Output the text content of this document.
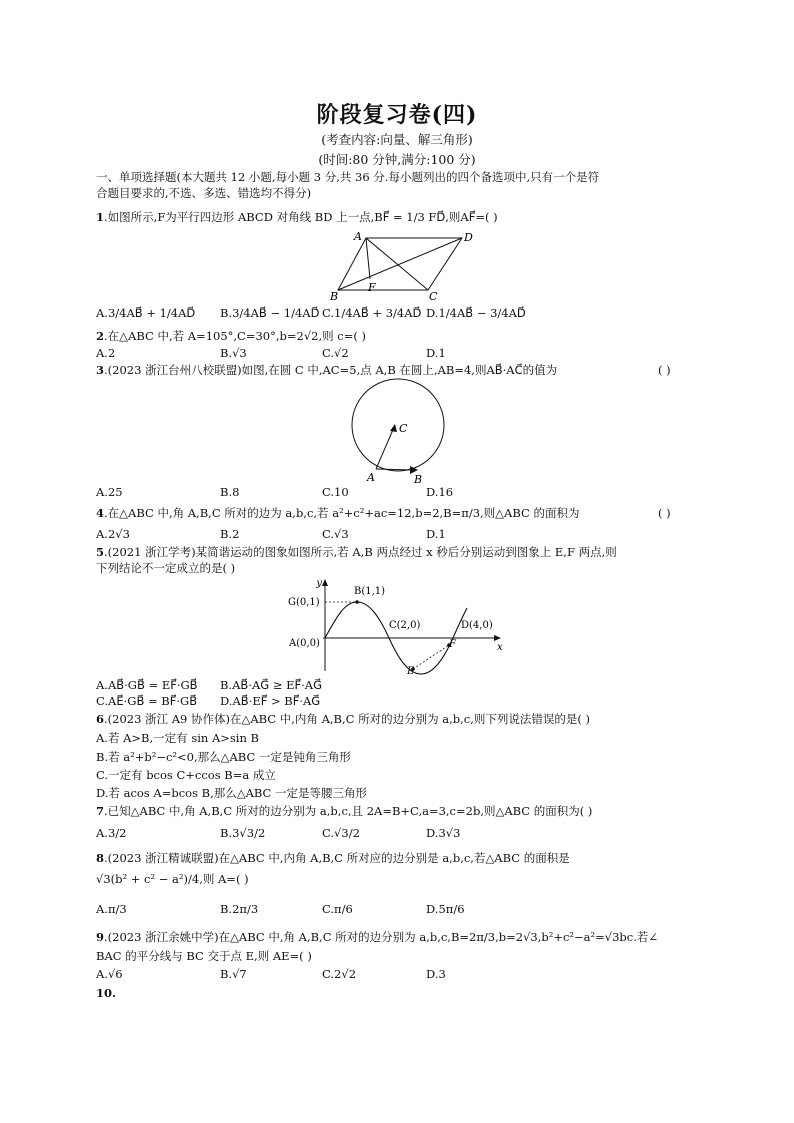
阶段复习卷(四)
(考查内容:向量、解三角形)
(时间:80 分钟,满分:100 分)
一、单项选择题(本大题共 12 小题,每小题 3 分,共 36 分.每小题列出的四个备选项中,只有一个是符
合题目要求的,不选、多选、错选均不得分)
1.如图所示,F为平行四边形 ABCD 对角线 BD 上一点,BF⃗ = 1/3 FD⃗,则AF⃗=( )
A	D
B	C
F
A.3/4AB⃗ + 1/4AD⃗ B.3/4AB⃗ − 1/4AD⃗ C.1/4AB⃗ + 3/4AD⃗ D.1/4AB⃗ − 3/4AD⃗
2.在△ABC 中,若 A=105°,C=30°,b=2√2,则 c=( )
A.2	B.√3	C.√2	D.1
3.(2023 浙江台州八校联盟)如图,在圆 C 中,AC=5,点 A,B 在圆上,AB=4,则AB⃗·AC⃗的值为	( )
C
A	B
A.25	B.8	C.10	D.16
4.在△ABC 中,角 A,B,C 所对的边为 a,b,c,若 a²+c²+ac=12,b=2,B=π/3,则△ABC 的面积为	( )
A.2√3	B.2	C.√3	D.1
5.(2021 浙江学考)某简谐运动的图象如图所示,若 A,B 两点经过 x 秒后分别运动到图象上 E,F 两点,则
下列结论不一定成立的是( )
y
x
G(0,1)
B(1,1)
A(0,0)
C(2,0)	D(4,0)
F
E
A.AB⃗·GB⃗ = EF⃗·GB⃗ B.AB⃗·AG⃗ ≥ EF⃗·AG⃗
C.AE⃗·GB⃗ = BF⃗·GB⃗ D.AB⃗·EF⃗ > BF⃗·AG⃗
6.(2023 浙江 A9 协作体)在△ABC 中,内角 A,B,C 所对的边分别为 a,b,c,则下列说法错误的是( )
A.若 A>B,一定有 sin A>sin B
B.若 a²+b²−c²<0,那么△ABC 一定是钝角三角形
C.一定有 bcos C+ccos B=a 成立
D.若 acos A=bcos B,那么△ABC 一定是等腰三角形
7.已知△ABC 中,角 A,B,C 所对的边分别为 a,b,c,且 2A=B+C,a=3,c=2b,则△ABC 的面积为( )
A.3/2	B.3√3/2	C.√3/2	D.3√3
8.(2023 浙江精诚联盟)在△ABC 中,内角 A,B,C 所对应的边分别是 a,b,c,若△ABC 的面积是
√3(b² + c² − a²)/4,则 A=( )
A.π/3	B.2π/3	C.π/6	D.5π/6
9.(2023 浙江余姚中学)在△ABC 中,角 A,B,C 所对的边分别为 a,b,c,B=2π/3,b=2√3,b²+c²−a²=√3bc.若∠
BAC 的平分线与 BC 交于点 E,则 AE=( )
A.√6	B.√7	C.2√2	D.3
10.
